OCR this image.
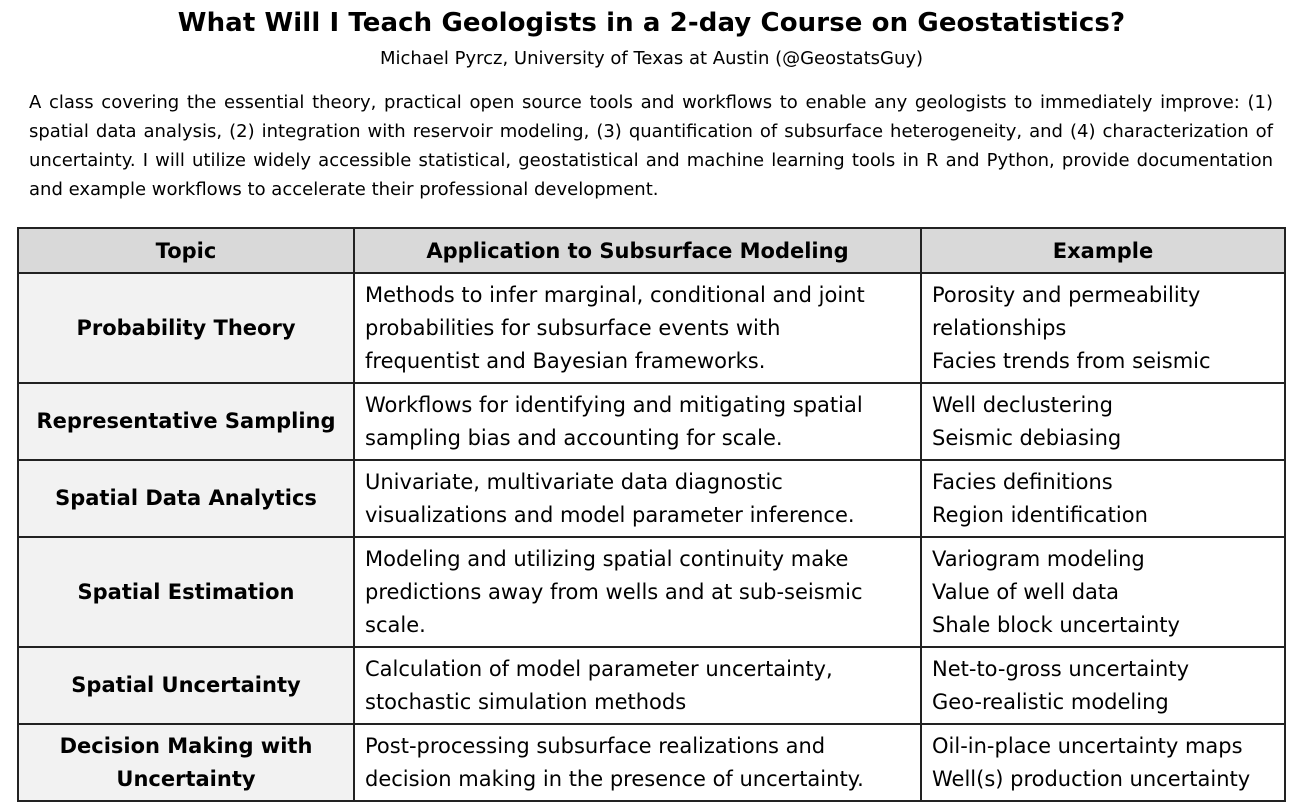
What Will I Teach Geologists in a 2-day Course on Geostatistics?
Michael Pyrcz, University of Texas at Austin (@GeostatsGuy)

A class covering the essential theory, practical open source tools and workflows to enable any geologists to immediately improve: (1) spatial data analysis, (2) integration with reservoir modeling, (3) quantification of subsurface heterogeneity, and (4) characterization of uncertainty. I will utilize widely accessible statistical, geostatistical and machine learning tools in R and Python, provide documentation and example workflows to accelerate their professional development.

Topic	Application to Subsurface Modeling	Example
Probability Theory	Methods to infer marginal, conditional and joint
probabilities for subsurface events with
frequentist and Bayesian frameworks.	Porosity and permeability
relationships
Facies trends from seismic

Representative Sampling	Workflows for identifying and mitigating spatial
sampling bias and accounting for scale.	Well declustering
Seismic debiasing

Spatial Data Analytics	Univariate, multivariate data diagnostic
visualizations and model parameter inference.	Facies definitions
Region identification

Spatial Estimation	Modeling and utilizing spatial continuity make
predictions away from wells and at sub-seismic
scale.	Variogram modeling
Value of well data
Shale block uncertainty

Spatial Uncertainty	Calculation of model parameter uncertainty,
stochastic simulation methods	Net-to-gross uncertainty
Geo-realistic modeling

Decision Making with Uncertainty	Post-processing subsurface realizations and
decision making in the presence of uncertainty.	Oil-in-place uncertainty maps
Well(s) production uncertainty
